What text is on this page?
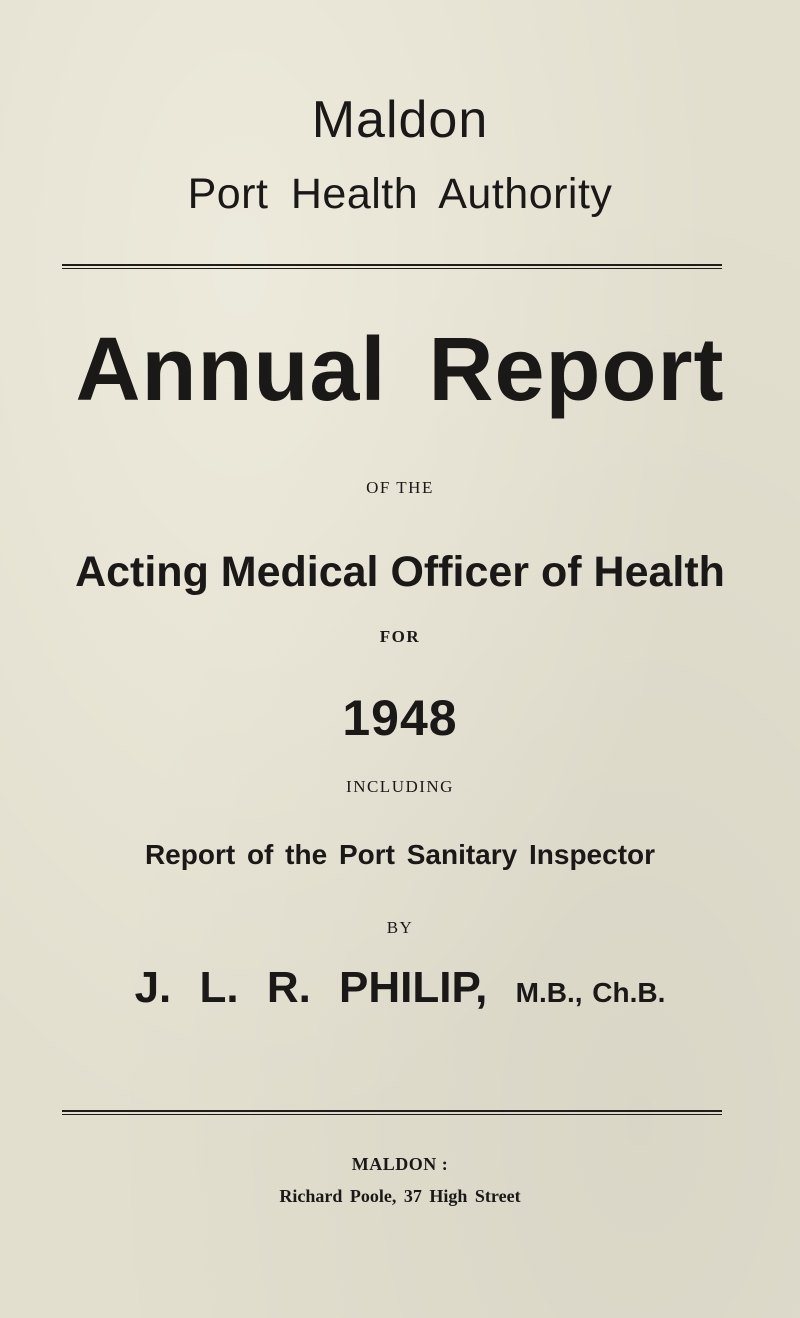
Maldon
Port Health Authority
Annual Report
OF THE
Acting Medical Officer of Health
FOR
1948
INCLUDING
Report of the Port Sanitary Inspector
BY
J. L. R. PHILIP, M.B., Ch.B.
MALDON :
Richard Poole, 37 High Street
